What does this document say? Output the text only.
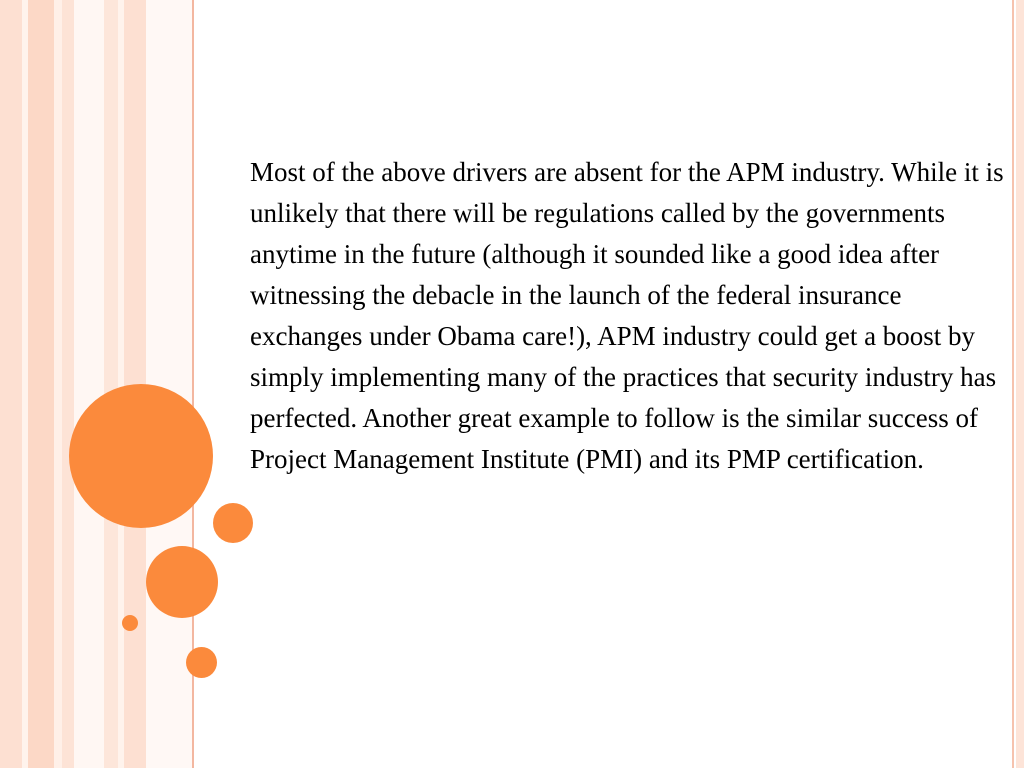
Most of the above drivers are absent for the APM industry. While it is unlikely that there will be regulations called by the governments anytime in the future (although it sounded like a good idea after witnessing the debacle in the launch of the federal insurance exchanges under Obama care!), APM industry could get a boost by simply implementing many of the practices that security industry has perfected. Another great example to follow is the similar success of Project Management Institute (PMI) and its PMP certification.
